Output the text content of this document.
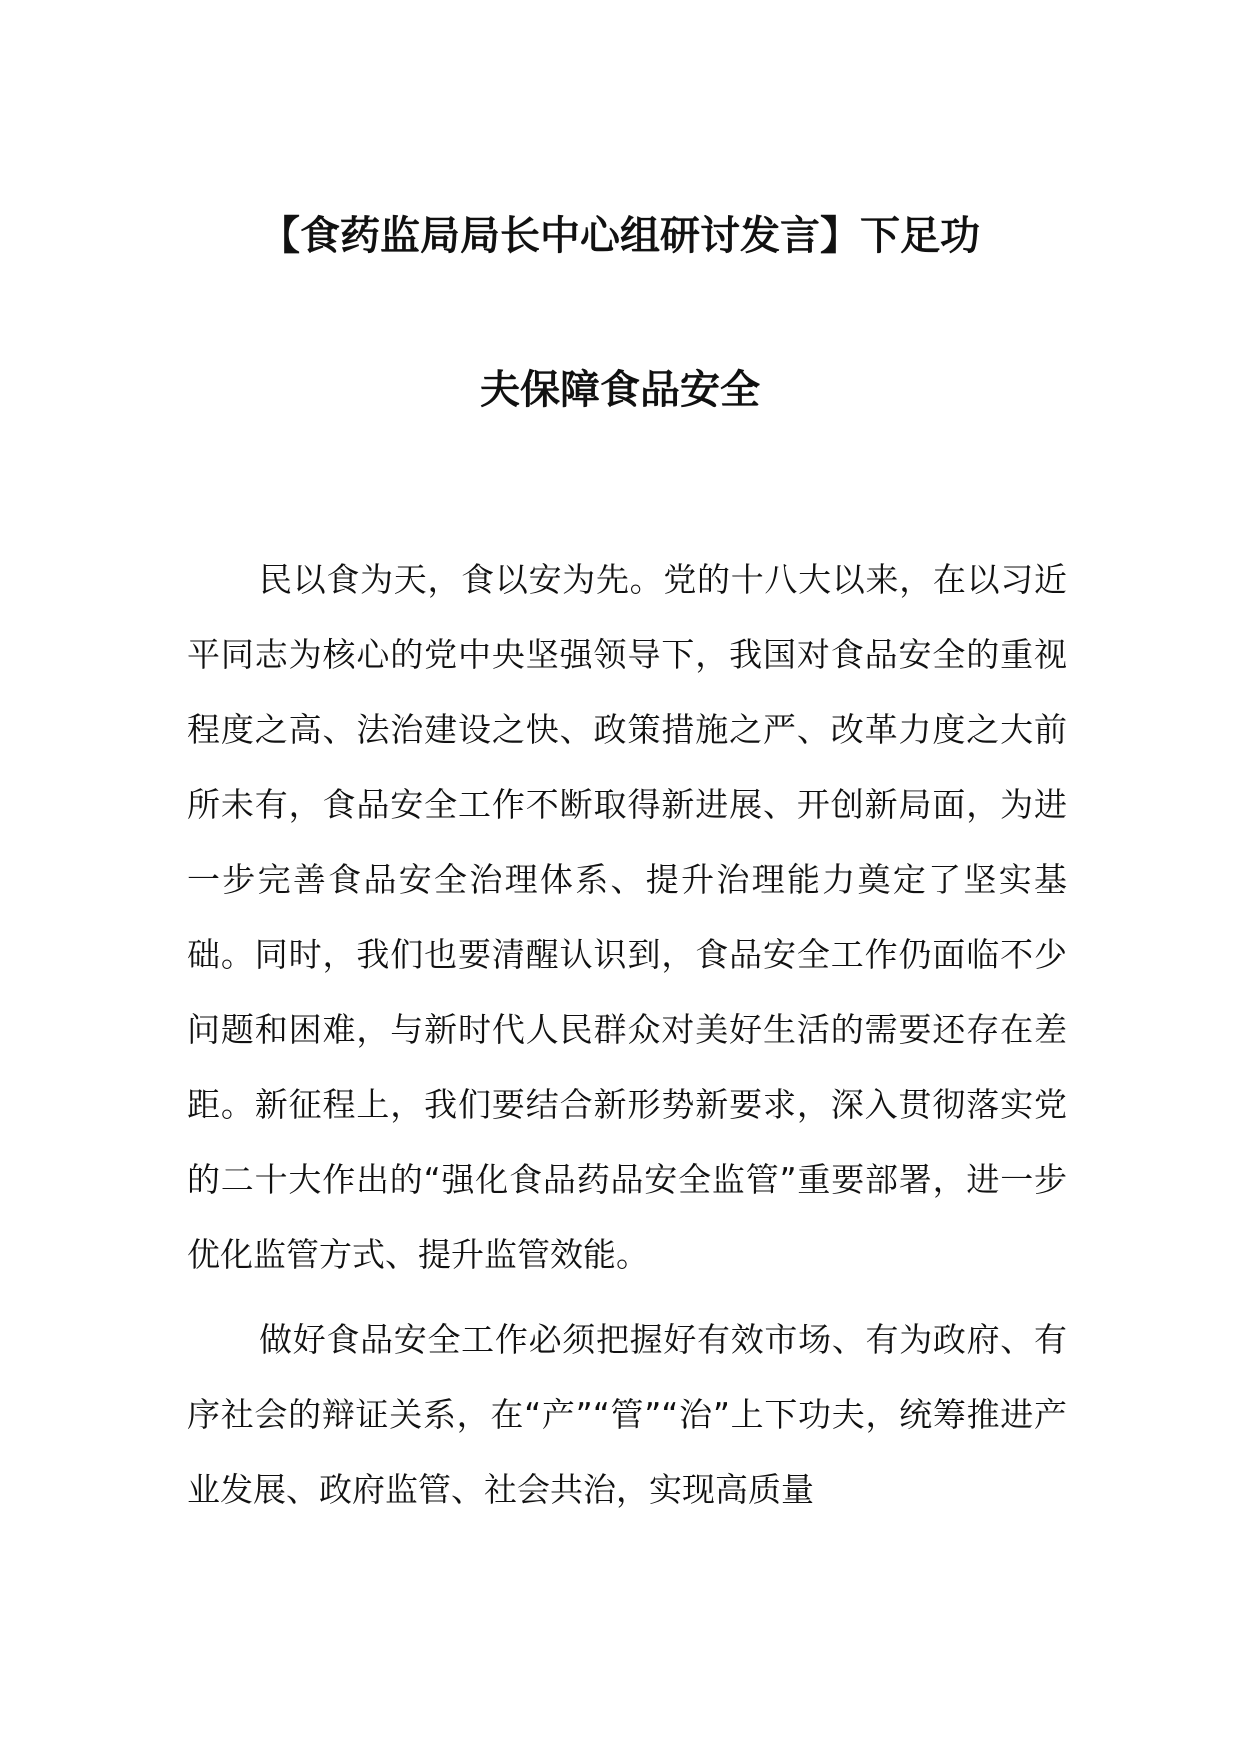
【食药监局局长中心组研讨发言】下足功
夫保障食品安全

民以食为天，食以安为先。党的十八大以来，在以习近平同志为核心的党中央坚强领导下，我国对食品安全的重视程度之高、法治建设之快、政策措施之严、改革力度之大前所未有，食品安全工作不断取得新进展、开创新局面，为进一步完善食品安全治理体系、提升治理能力奠定了坚实基础。同时，我们也要清醒认识到，食品安全工作仍面临不少问题和困难，与新时代人民群众对美好生活的需要还存在差距。新征程上，我们要结合新形势新要求，深入贯彻落实党的二十大作出的“强化食品药品安全监管”重要部署，进一步优化监管方式、提升监管效能。

做好食品安全工作必须把握好有效市场、有为政府、有序社会的辩证关系，在“产”“管”“治”上下功夫，统筹推进产业发展、政府监管、社会共治，实现高质量
